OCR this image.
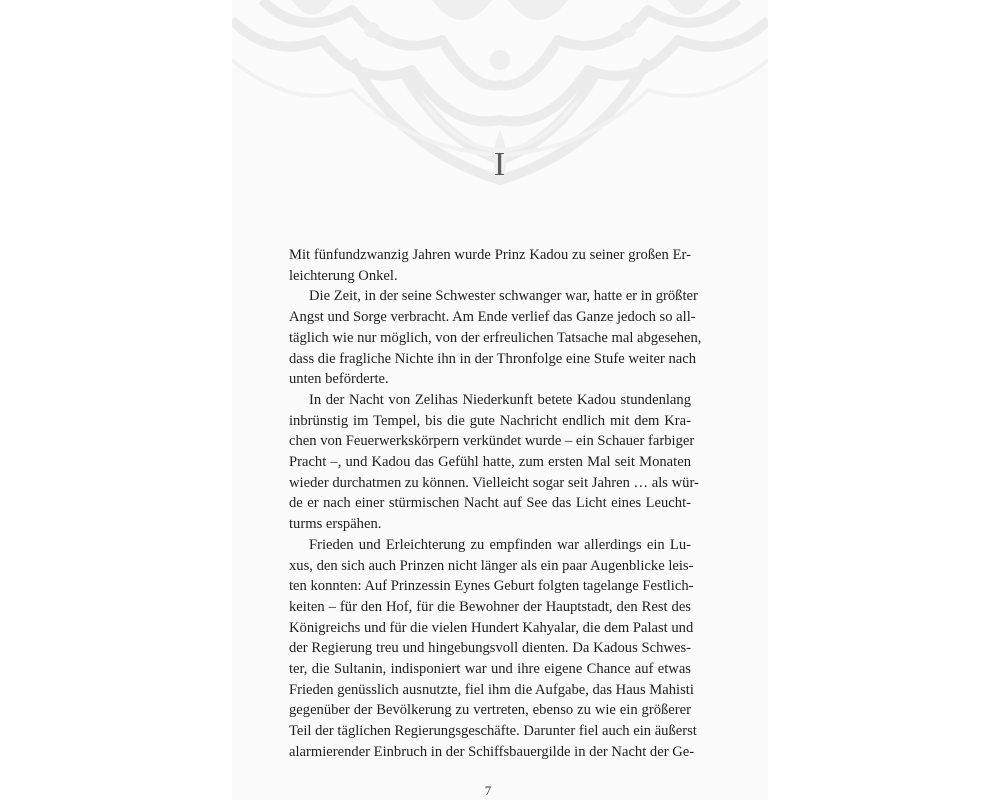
I
Mit fünfundzwanzig Jahren wurde Prinz Kadou zu seiner großen Er-
leichterung Onkel.
Die Zeit, in der seine Schwester schwanger war, hatte er in größter
Angst und Sorge verbracht. Am Ende verlief das Ganze jedoch so all-
täglich wie nur möglich, von der erfreulichen Tatsache mal abgesehen,
dass die fragliche Nichte ihn in der Thronfolge eine Stufe weiter nach
unten beförderte.
In der Nacht von Zelihas Niederkunft betete Kadou stundenlang
inbrünstig im Tempel, bis die gute Nachricht endlich mit dem Kra-
chen von Feuerwerkskörpern verkündet wurde – ein Schauer farbiger
Pracht –, und Kadou das Gefühl hatte, zum ersten Mal seit Monaten
wieder durchatmen zu können. Vielleicht sogar seit Jahren … als wür-
de er nach einer stürmischen Nacht auf See das Licht eines Leucht-
turms erspähen.
Frieden und Erleichterung zu empfinden war allerdings ein Lu-
xus, den sich auch Prinzen nicht länger als ein paar Augenblicke leis-
ten konnten: Auf Prinzessin Eynes Geburt folgten tagelange Festlich-
keiten – für den Hof, für die Bewohner der Hauptstadt, den Rest des
Königreichs und für die vielen Hundert Kahyalar, die dem Palast und
der Regierung treu und hingebungsvoll dienten. Da Kadous Schwes-
ter, die Sultanin, indisponiert war und ihre eigene Chance auf etwas
Frieden genüsslich ausnutzte, fiel ihm die Aufgabe, das Haus Mahisti
gegenüber der Bevölkerung zu vertreten, ebenso zu wie ein größerer
Teil der täglichen Regierungsgeschäfte. Darunter fiel auch ein äußerst
alarmierender Einbruch in der Schiffsbauergilde in der Nacht der Ge-
7
